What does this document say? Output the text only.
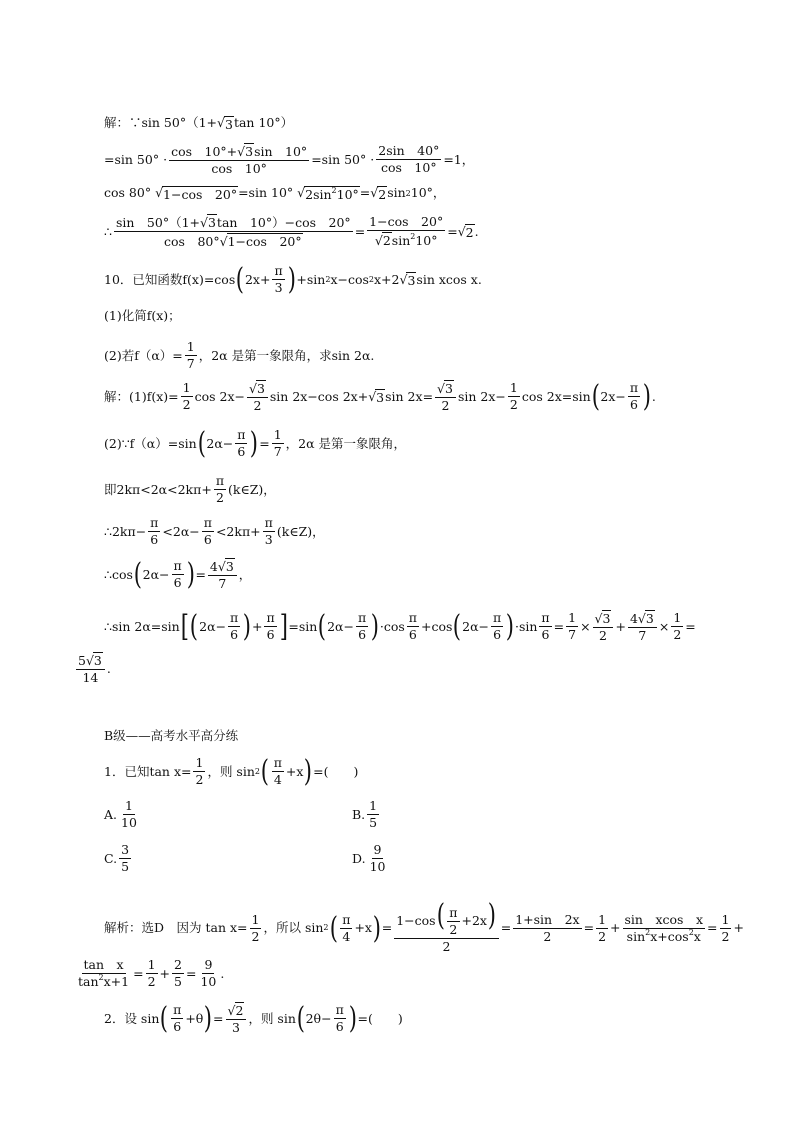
解：∵sin 50°（1+ √ 3 tan 10°）
=sin $50^\circ \cdot \frac{\cos 10^\circ+√3\sin 10^\circ}{\cos 10^\circ} =\sin$ $50^\circ \cdot \frac{2\sin 40^\circ}{\cos 10^\circ} =1$，
cos 80° √ 1−cos　20° =sin 10° √ $2\sin^210^\circ$ = √ 2 sin 2 10°，
∴ $\frac{\sin 50^\circ(1+√3\tan 10^\circ)-\cos 20^\circ}{\cos 80^\circ√1-\cos 20^\circ} = \frac{1-\cos 20^\circ}{√2\sin^210^\circ}$ = √ 2 .
10．已知函数f(x)=cos ( $2x+ \frac{\pi}{3}$ ) +sin 2 x−cos 2 x+2 √ 3 sin xcos x.
(1)化简f(x)；
(2)若$f(\alpha)= \frac{1}{7}$ ，2α 是第一象限角，求sin 2α.
解：$(1)f(x)= \frac{1}{2}$ $\cos 2x- \frac{√3}{2}$ sin 2x−cos 2x+ √ 3 $\sin 2x= \frac{√3}{2}$ $\sin 2x- \frac{1}{2}$ cos 2x=sin ( $2x- \frac{\pi}{6}$ ) .
(2)∵f（α）=sin ( $2\alpha- \frac{\pi}{6}$ ) = $\frac{1}{7}$ ，2α 是第一象限角，
即$2k\pi<2\alpha<2k\pi+ \frac{\pi}{2}$ (k∈Z)，
∴2kπ− $\frac{\pi}{6} <2\alpha- \frac{\pi}{6} <2k\pi+ \frac{\pi}{3}$ (k∈Z)，
∴cos ( $2\alpha- \frac{\pi}{6}$ ) = $\frac{4√3}{7}$ ，
∴sin 2α=sin [ ( $2\alpha- \frac{\pi}{6}$ ) + $\frac{\pi}{6}$ ] =sin ( $2\alpha- \frac{\pi}{6}$ ) $\cdot\cos \frac{\pi}{6} +\cos$ ( $2\alpha- \frac{\pi}{6}$ ) $\cdot\sin \frac{\pi}{6} = \frac{1}{7} \times \frac{√3}{2} + \frac{4√3}{7} \times \frac{1}{2}$ =
$\frac{5√3}{14}$ .
B级——高考水平高分练
1．已知$\tan x= \frac{1}{2}$ ，则 sin 2 ( $\frac{\pi}{4} +x$ ) =(　　)
A. $\frac{1}{10}$	B. $\frac{1}{5}$
C. $\frac{3}{5}$	D. $\frac{9}{10}$
解析：选D　因为 $\tan x= \frac{1}{2}$ ，所以 sin 2 ( $\frac{\pi}{4} +x$ ) = $\frac{1-\cos( \frac{\pi}{2} +2x)}{2} = \frac{1+\sin 2x}{2} = \frac{1}{2} + \frac{\text{sin　xcos　x}}{\sin^2x+\cos^2x} = \frac{1}{2}$ +
$\frac{\text{tan　x}}{\tan^2x+1} = \frac{1}{2} + \frac{2}{5} = \frac{9}{10}$ .
2．设 sin ( $\frac{\pi}{6} +\theta$ ) = $\frac{√2}{3}$ ，则 sin ( $2\theta- \frac{\pi}{6}$ ) =(　　)
